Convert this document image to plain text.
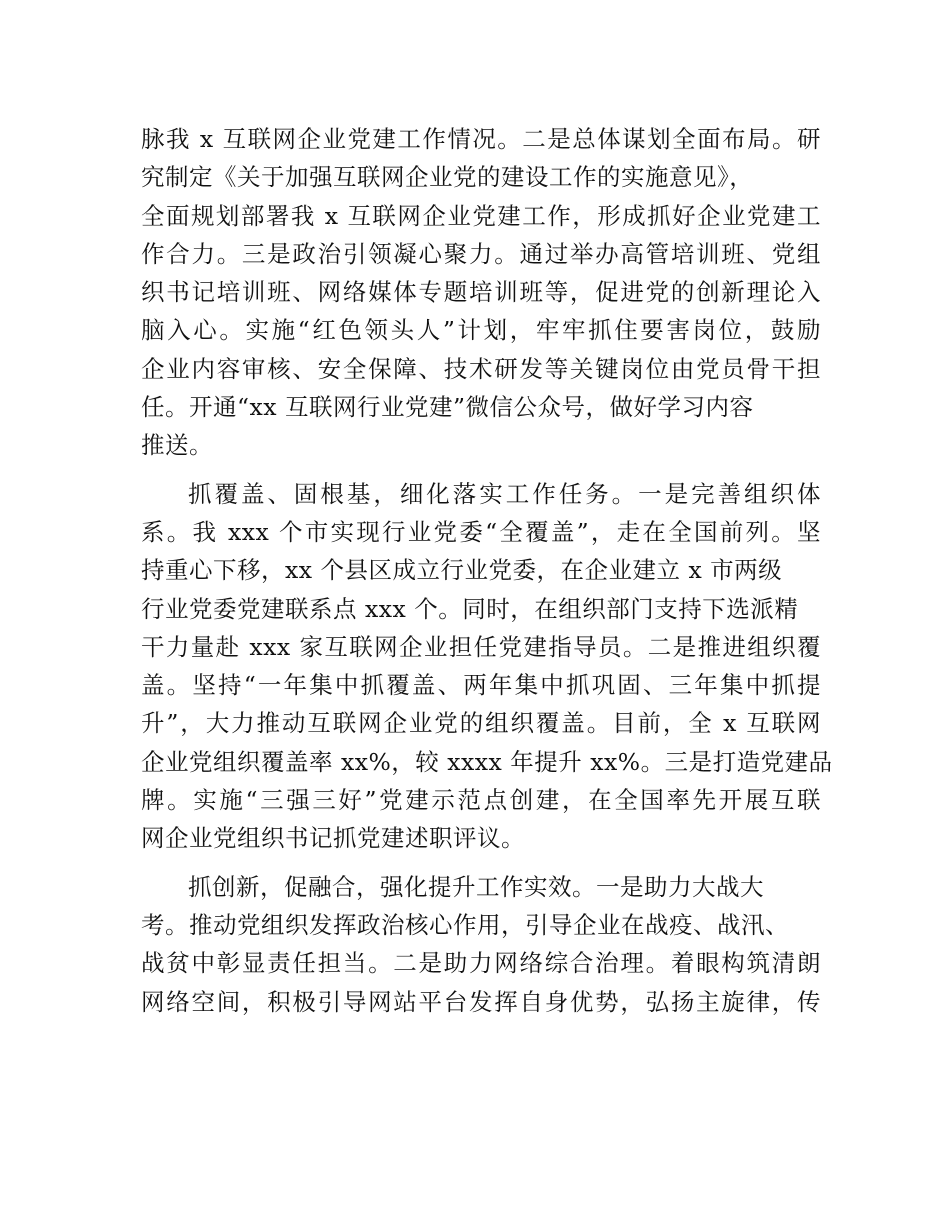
脉我 x 互联网企业党建工作情况。二是总体谋划全面布局。研
究制定《关于加强互联网企业党的建设工作的实施意见》，
全面规划部署我 x 互联网企业党建工作，形成抓好企业党建工
作合力。三是政治引领凝心聚力。通过举办高管培训班、党组
织书记培训班、网络媒体专题培训班等，促进党的创新理论入
脑入心。实施“红色领头人”计划，牢牢抓住要害岗位，鼓励
企业内容审核、安全保障、技术研发等关键岗位由党员骨干担
任。开通“xx 互联网行业党建”微信公众号，做好学习内容
推送。
抓覆盖、固根基，细化落实工作任务。一是完善组织体
系。我 xxx 个市实现行业党委“全覆盖”，走在全国前列。坚
持重心下移，xx 个县区成立行业党委，在企业建立 x 市两级
行业党委党建联系点 xxx 个。同时，在组织部门支持下选派精
干力量赴 xxx 家互联网企业担任党建指导员。二是推进组织覆
盖。坚持“一年集中抓覆盖、两年集中抓巩固、三年集中抓提
升”，大力推动互联网企业党的组织覆盖。目前，全 x 互联网
企业党组织覆盖率 xx%，较 xxxx 年提升 xx%。三是打造党建品
牌。实施“三强三好”党建示范点创建，在全国率先开展互联
网企业党组织书记抓党建述职评议。
抓创新，促融合，强化提升工作实效。一是助力大战大
考。推动党组织发挥政治核心作用，引导企业在战疫、战汛、
战贫中彰显责任担当。二是助力网络综合治理。着眼构筑清朗
网络空间，积极引导网站平台发挥自身优势，弘扬主旋律，传
